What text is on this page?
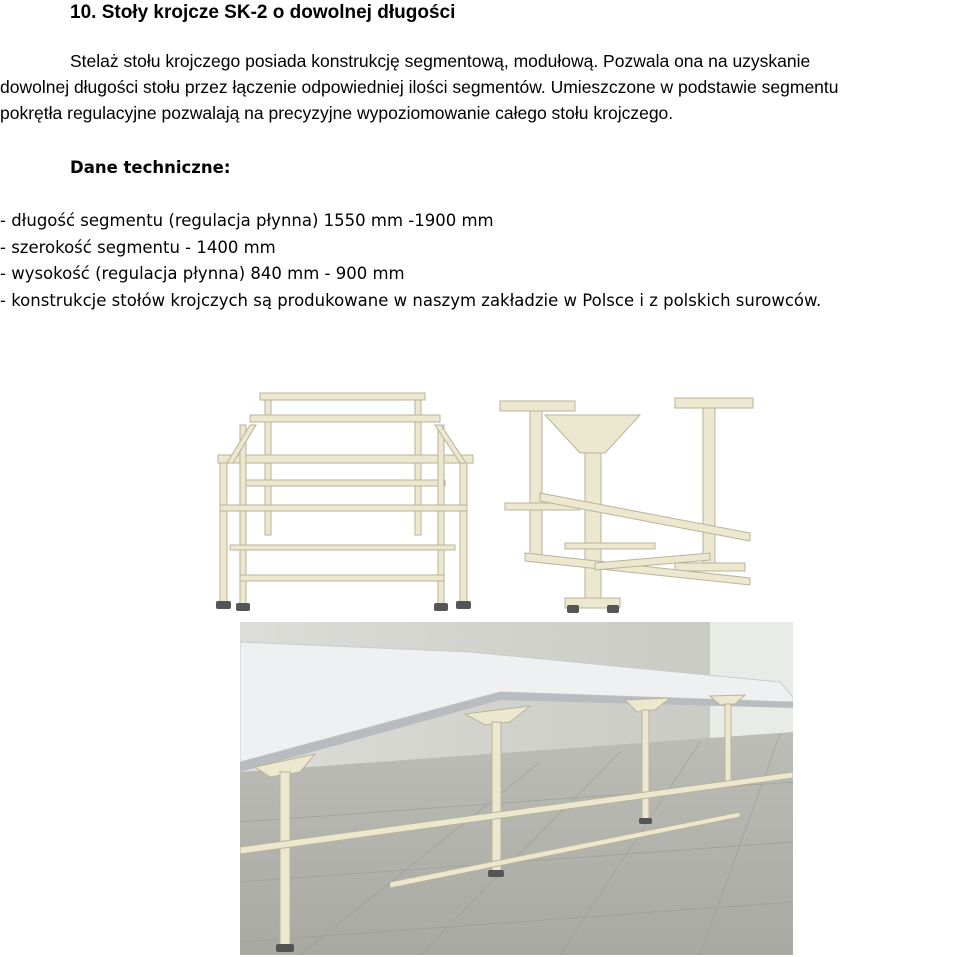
10. Stoły krojcze SK-2 o dowolnej długości

Stelaż stołu krojczego posiada konstrukcję segmentową, modułową. Pozwala ona na uzyskanie

dowolnej długości stołu przez łączenie odpowiedniej ilości segmentów. Umieszczone w podstawie segmentu

pokrętła regulacyjne pozwalają na precyzyjne wypoziomowanie całego stołu krojczego.

Dane techniczne:
- długość segmentu (regulacja płynna) 1550 mm -1900 mm
- szerokość segmentu - 1400 mm
- wysokość (regulacja płynna) 840 mm - 900 mm
- konstrukcje stołów krojczych są produkowane w naszym zakładzie w Polsce i z polskich surowców.
